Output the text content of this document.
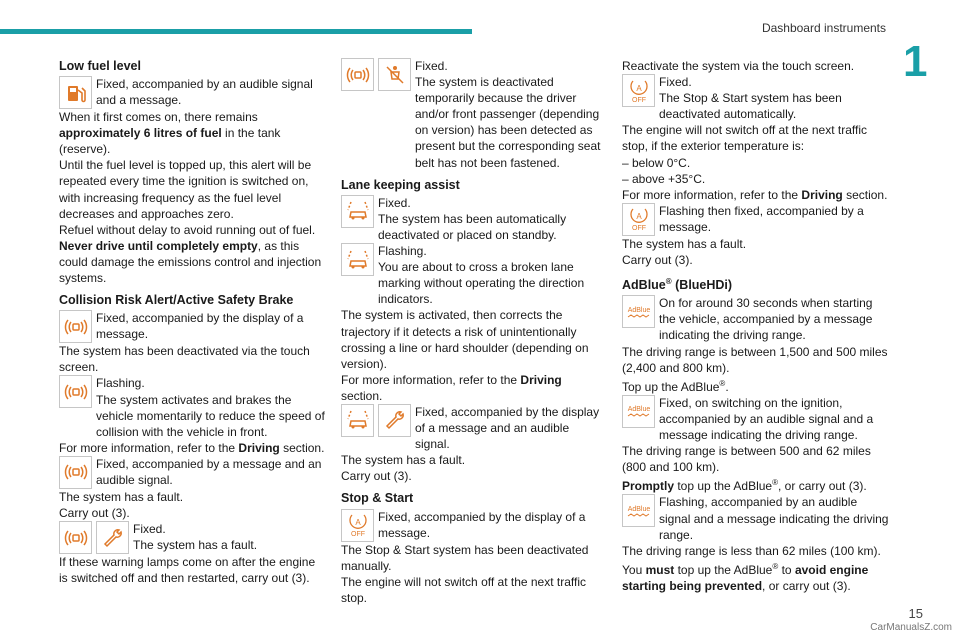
Dashboard instruments
1

Low fuel level

Fixed, accompanied by an audible signal and a message.

When it first comes on, there remains approximately 6 litres of fuel in the tank (reserve).

Until the fuel level is topped up, this alert will be repeated every time the ignition is switched on, with increasing frequency as the fuel level decreases and approaches zero.

Refuel without delay to avoid running out of fuel.

Never drive until completely empty, as this could damage the emissions control and injection systems.

Collision Risk Alert/Active Safety Brake

Fixed, accompanied by the display of a message.

The system has been deactivated via the touch screen.

Flashing.
The system activates and brakes the vehicle momentarily to reduce the speed of collision with the vehicle in front.

For more information, refer to the Driving section.

Fixed, accompanied by a message and an audible signal.

The system has a fault.

Carry out (3).

Fixed.
The system has a fault.

If these warning lamps come on after the engine is switched off and then restarted, carry out (3).

Fixed.
The system is deactivated temporarily because the driver and/or front passenger (depending on version) has been detected as present but the corresponding seat belt has not been fastened.

Lane keeping assist

Fixed.
The system has been automatically deactivated or placed on standby.
Flashing.
You are about to cross a broken lane marking without operating the direction indicators.

The system is activated, then corrects the trajectory if it detects a risk of unintentionally crossing a line or hard shoulder (depending on version).

For more information, refer to the Driving section.

Fixed, accompanied by the display of a message and an audible signal.

The system has a fault.

Carry out (3).

Stop & Start

A
OFF
Fixed, accompanied by the display of a message.

The Stop & Start system has been deactivated manually.

The engine will not switch off at the next traffic stop.

Reactivate the system via the touch screen.

A
OFF
Fixed.
The Stop & Start system has been deactivated automatically.

The engine will not switch off at the next traffic stop, if the exterior temperature is:

– below 0°C.

– above +35°C.

For more information, refer to the Driving section.

A
OFF
Flashing then fixed, accompanied by a message.

The system has a fault.

Carry out (3).

AdBlue® (BlueHDi)

AdBlue On for around 30 seconds when starting the vehicle, accompanied by a message indicating the driving range.

The driving range is between 1,500 and 500 miles (2,400 and 800 km).

Top up the AdBlue®.

AdBlue Fixed, on switching on the ignition, accompanied by an audible signal and a message indicating the driving range.

The driving range is between 500 and 62 miles (800 and 100 km).

Promptly top up the AdBlue®, or carry out (3).

AdBlue Flashing, accompanied by an audible signal and a message indicating the driving range.

The driving range is less than 62 miles (100 km).

You must top up the AdBlue® to avoid engine starting being prevented, or carry out (3).

15
CarManualsZ.com
